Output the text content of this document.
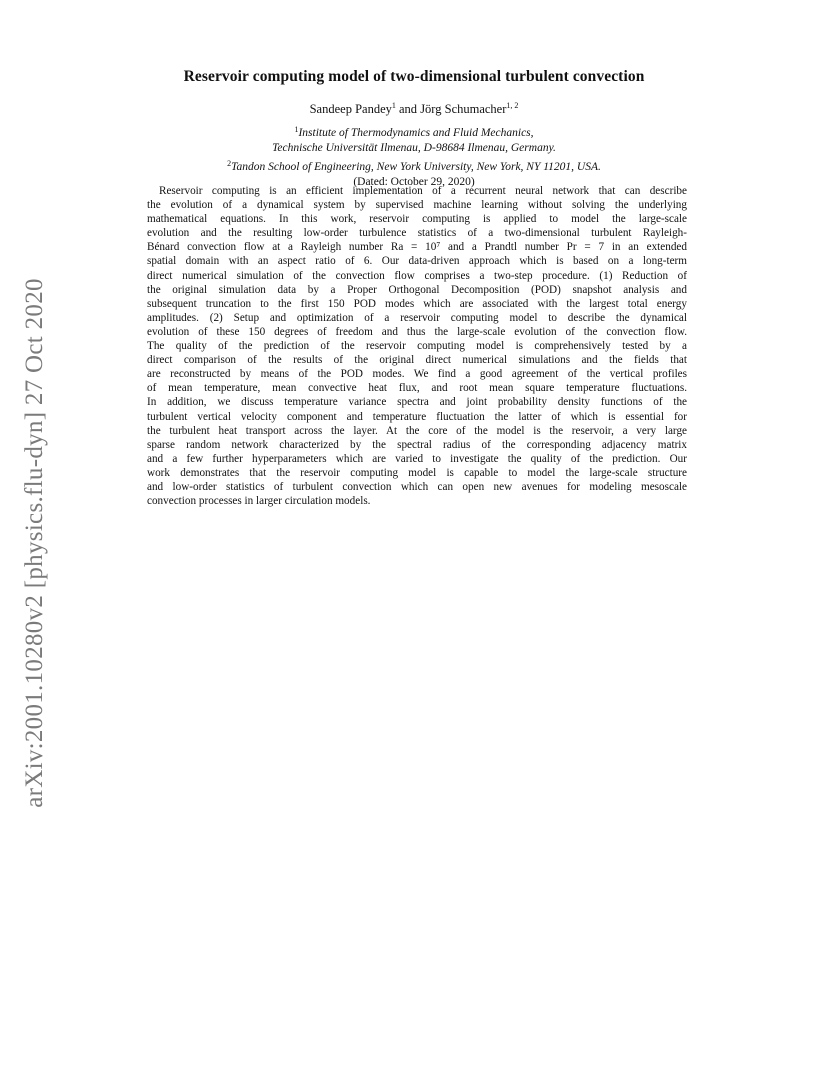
arXiv:2001.10280v2 [physics.flu-dyn] 27 Oct 2020
Reservoir computing model of two-dimensional turbulent convection
Sandeep Pandey$^1$ and Jörg Schumacher$^{1, 2}$
$^1$Institute of Thermodynamics and Fluid Mechanics,
Technische Universität Ilmenau, D-98684 Ilmenau, Germany.
$^2$Tandon School of Engineering, New York University, New York, NY 11201, USA.
(Dated: October 29, 2020)
Reservoir computing is an efficient implementation of a recurrent neural network that can describe
the evolution of a dynamical system by supervised machine learning without solving the underlying
mathematical equations. In this work, reservoir computing is applied to model the large-scale
evolution and the resulting low-order turbulence statistics of a two-dimensional turbulent Rayleigh-
Bénard convection flow at a Rayleigh number Ra = 10⁷ and a Prandtl number Pr = 7 in an extended
spatial domain with an aspect ratio of 6. Our data-driven approach which is based on a long-term
direct numerical simulation of the convection flow comprises a two-step procedure. (1) Reduction of
the original simulation data by a Proper Orthogonal Decomposition (POD) snapshot analysis and
subsequent truncation to the first 150 POD modes which are associated with the largest total energy
amplitudes. (2) Setup and optimization of a reservoir computing model to describe the dynamical
evolution of these 150 degrees of freedom and thus the large-scale evolution of the convection flow.
The quality of the prediction of the reservoir computing model is comprehensively tested by a
direct comparison of the results of the original direct numerical simulations and the fields that
are reconstructed by means of the POD modes. We find a good agreement of the vertical profiles
of mean temperature, mean convective heat flux, and root mean square temperature fluctuations.
In addition, we discuss temperature variance spectra and joint probability density functions of the
turbulent vertical velocity component and temperature fluctuation the latter of which is essential for
the turbulent heat transport across the layer. At the core of the model is the reservoir, a very large
sparse random network characterized by the spectral radius of the corresponding adjacency matrix
and a few further hyperparameters which are varied to investigate the quality of the prediction. Our
work demonstrates that the reservoir computing model is capable to model the large-scale structure
and low-order statistics of turbulent convection which can open new avenues for modeling mesoscale
convection processes in larger circulation models.
